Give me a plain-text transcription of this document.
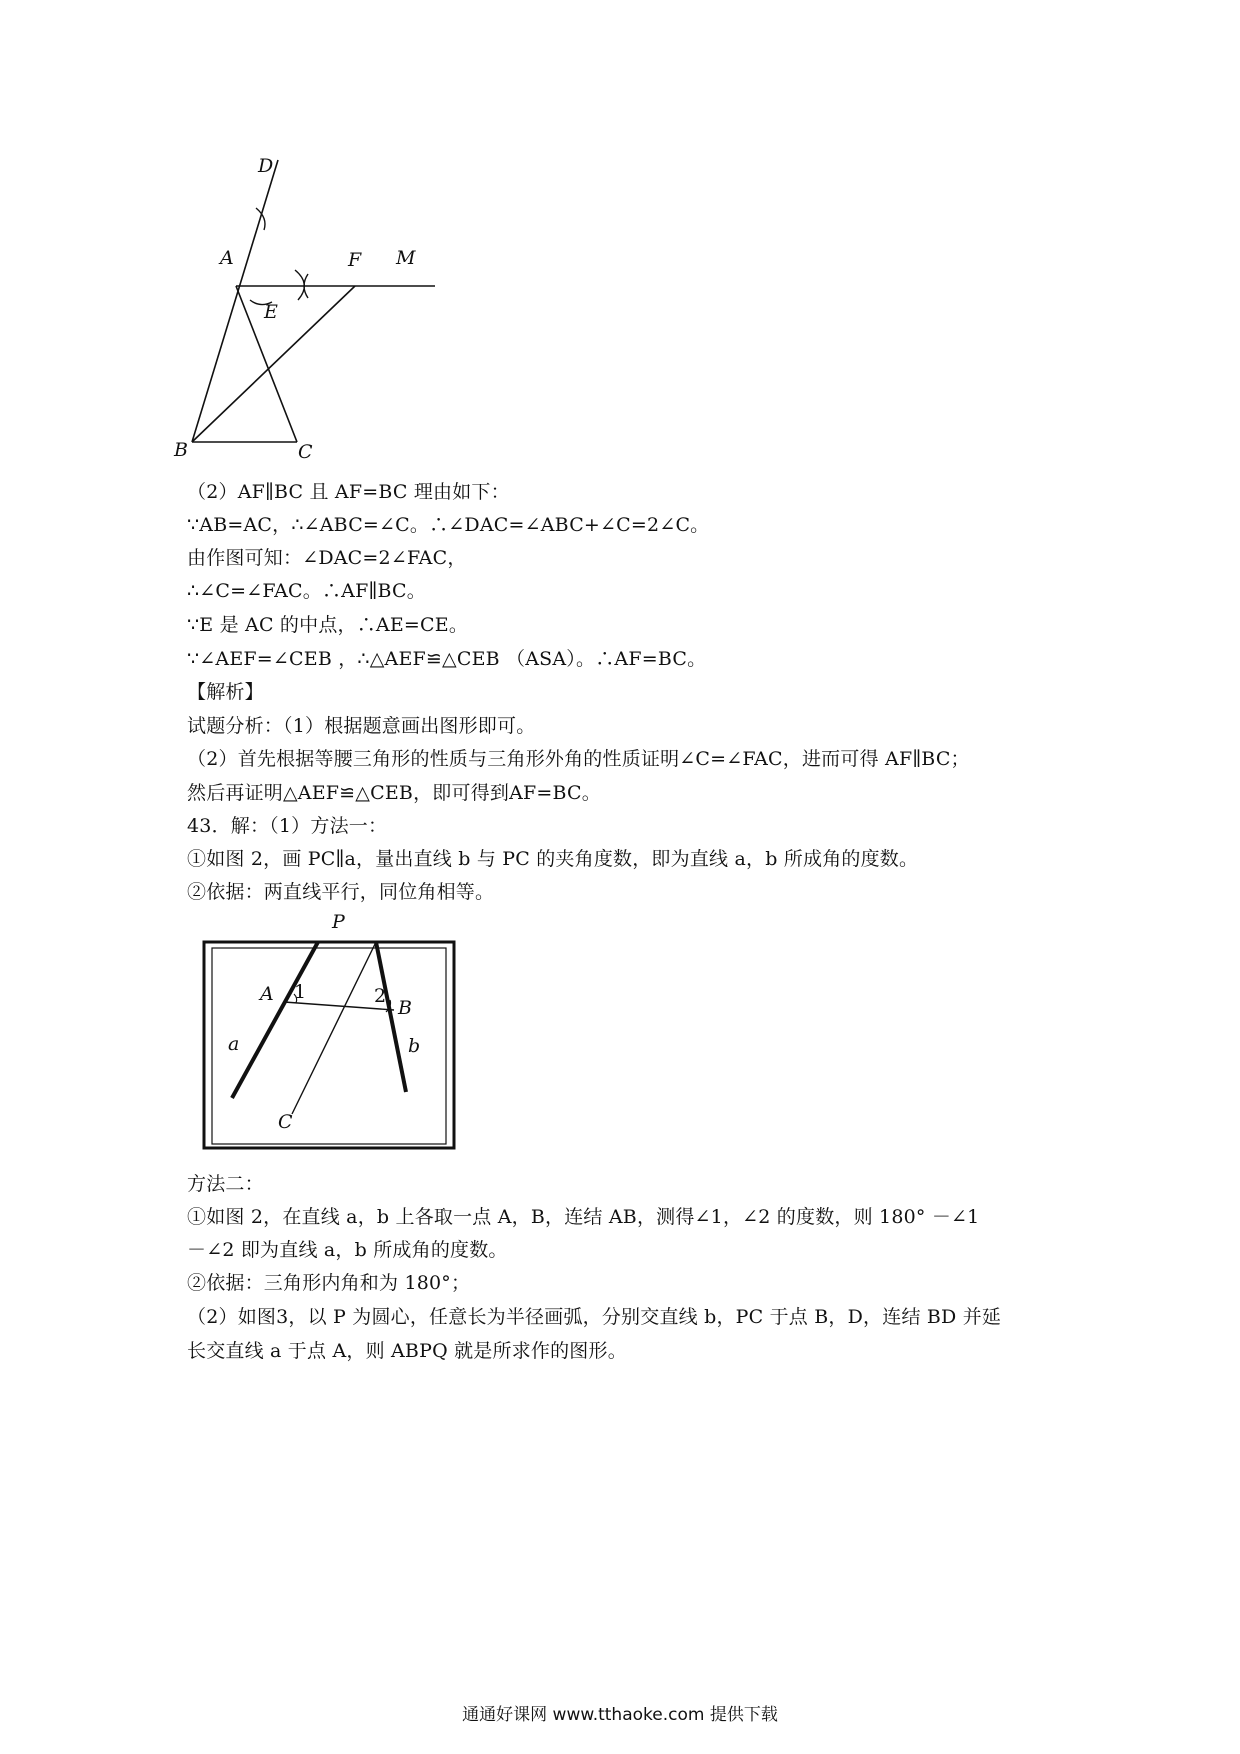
D
A	F M
E
B	C
（2）AF∥BC 且 AF=BC 理由如下：
∵AB=AC，∴∠ABC=∠C。∴∠DAC=∠ABC+∠C=2∠C。
由作图可知：∠DAC=2∠FAC，
∴∠C=∠FAC。∴AF∥BC。
∵E 是 AC 的中点，∴AE=CE。
∵∠AEF=∠CEB ，∴△AEF≌△CEB （ASA）。∴AF=BC。
【解析】
试题分析：（1）根据题意画出图形即可。
（2）首先根据等腰三角形的性质与三角形外角的性质证明∠C=∠FAC，进而可得 AF∥BC；
然后再证明△AEF≌△CEB，即可得到AF=BC。
43．解：（1）方法一：
①如图 2，画 PC∥a，量出直线 b 与 PC 的夹角度数，即为直线 a，b 所成角的度数。
②依据：两直线平行，同位角相等。
P
A 1	2
B
a	b
C
方法二：
①如图 2，在直线 a，b 上各取一点 A，B，连结 AB，测得∠1，∠2 的度数，则 180° －∠1
－∠2 即为直线 a，b 所成角的度数。
②依据：三角形内角和为 180°；
（2）如图3，以 P 为圆心，任意长为半径画弧，分别交直线 b，PC 于点 B，D，连结 BD 并延
长交直线 a 于点 A，则 ABPQ 就是所求作的图形。
通通好课网 www.tthaoke.com 提供下载
